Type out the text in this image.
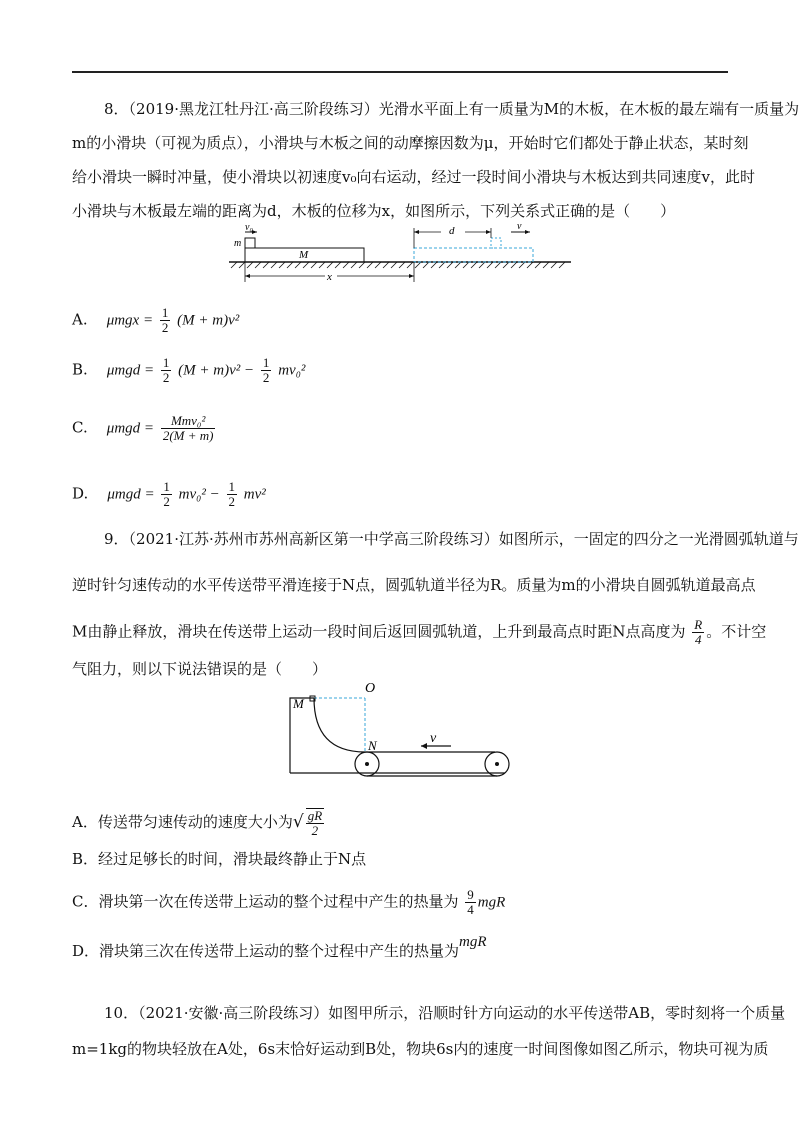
8．（2019·黑龙江牡丹江·高三阶段练习）光滑水平面上有一质量为M的木板，在木板的最左端有一质量为
m的小滑块（可视为质点），小滑块与木板之间的动摩擦因数为μ，开始时它们都处于静止状态，某时刻
给小滑块一瞬时冲量，使小滑块以初速度v₀向右运动，经过一段时间小滑块与木板达到共同速度v，此时
小滑块与木板最左端的距离为d，木板的位移为x，如图所示，下列关系式正确的是（　　）
v₀
m
M
d	v
x
A. $\mu mgx = \frac{1}{2} (M + m)v^2$
B. $\mu mgd = \frac{1}{2} (M + m)v^2 - \frac{1}{2} mv_0^2$
C. $\mu mgd = \frac{\text{Mmv₀²}}{2(M + m)}$
D. $\mu mgd = \frac{1}{2} mv_0^2 - \frac{1}{2} mv^2$
9．（2021·江苏·苏州市苏州高新区第一中学高三阶段练习）如图所示，一固定的四分之一光滑圆弧轨道与
逆时针匀速传动的水平传送带平滑连接于N点，圆弧轨道半径为R。质量为m的小滑块自圆弧轨道最高点
M由静止释放，滑块在传送带上运动一段时间后返回圆弧轨道，上升到最高点时距N点高度为 $\frac{R}{4}$ 。不计空
气阻力，则以下说法错误的是（　　）
v
O
M
N
A．传送带匀速传动的速度大小为√ $\frac{gR}{2}$
B．经过足够长的时间，滑块最终静止于N点
C．滑块第一次在传送带上运动的整个过程中产生的热量为 $\frac{9}{4}$ mgR
D．滑块第三次在传送带上运动的整个过程中产生的热量为mgR
10．（2021·安徽·高三阶段练习）如图甲所示，沿顺时针方向运动的水平传送带AB，零时刻将一个质量
m=1kg的物块轻放在A处，6s末恰好运动到B处，物块6s内的速度一时间图像如图乙所示，物块可视为质
